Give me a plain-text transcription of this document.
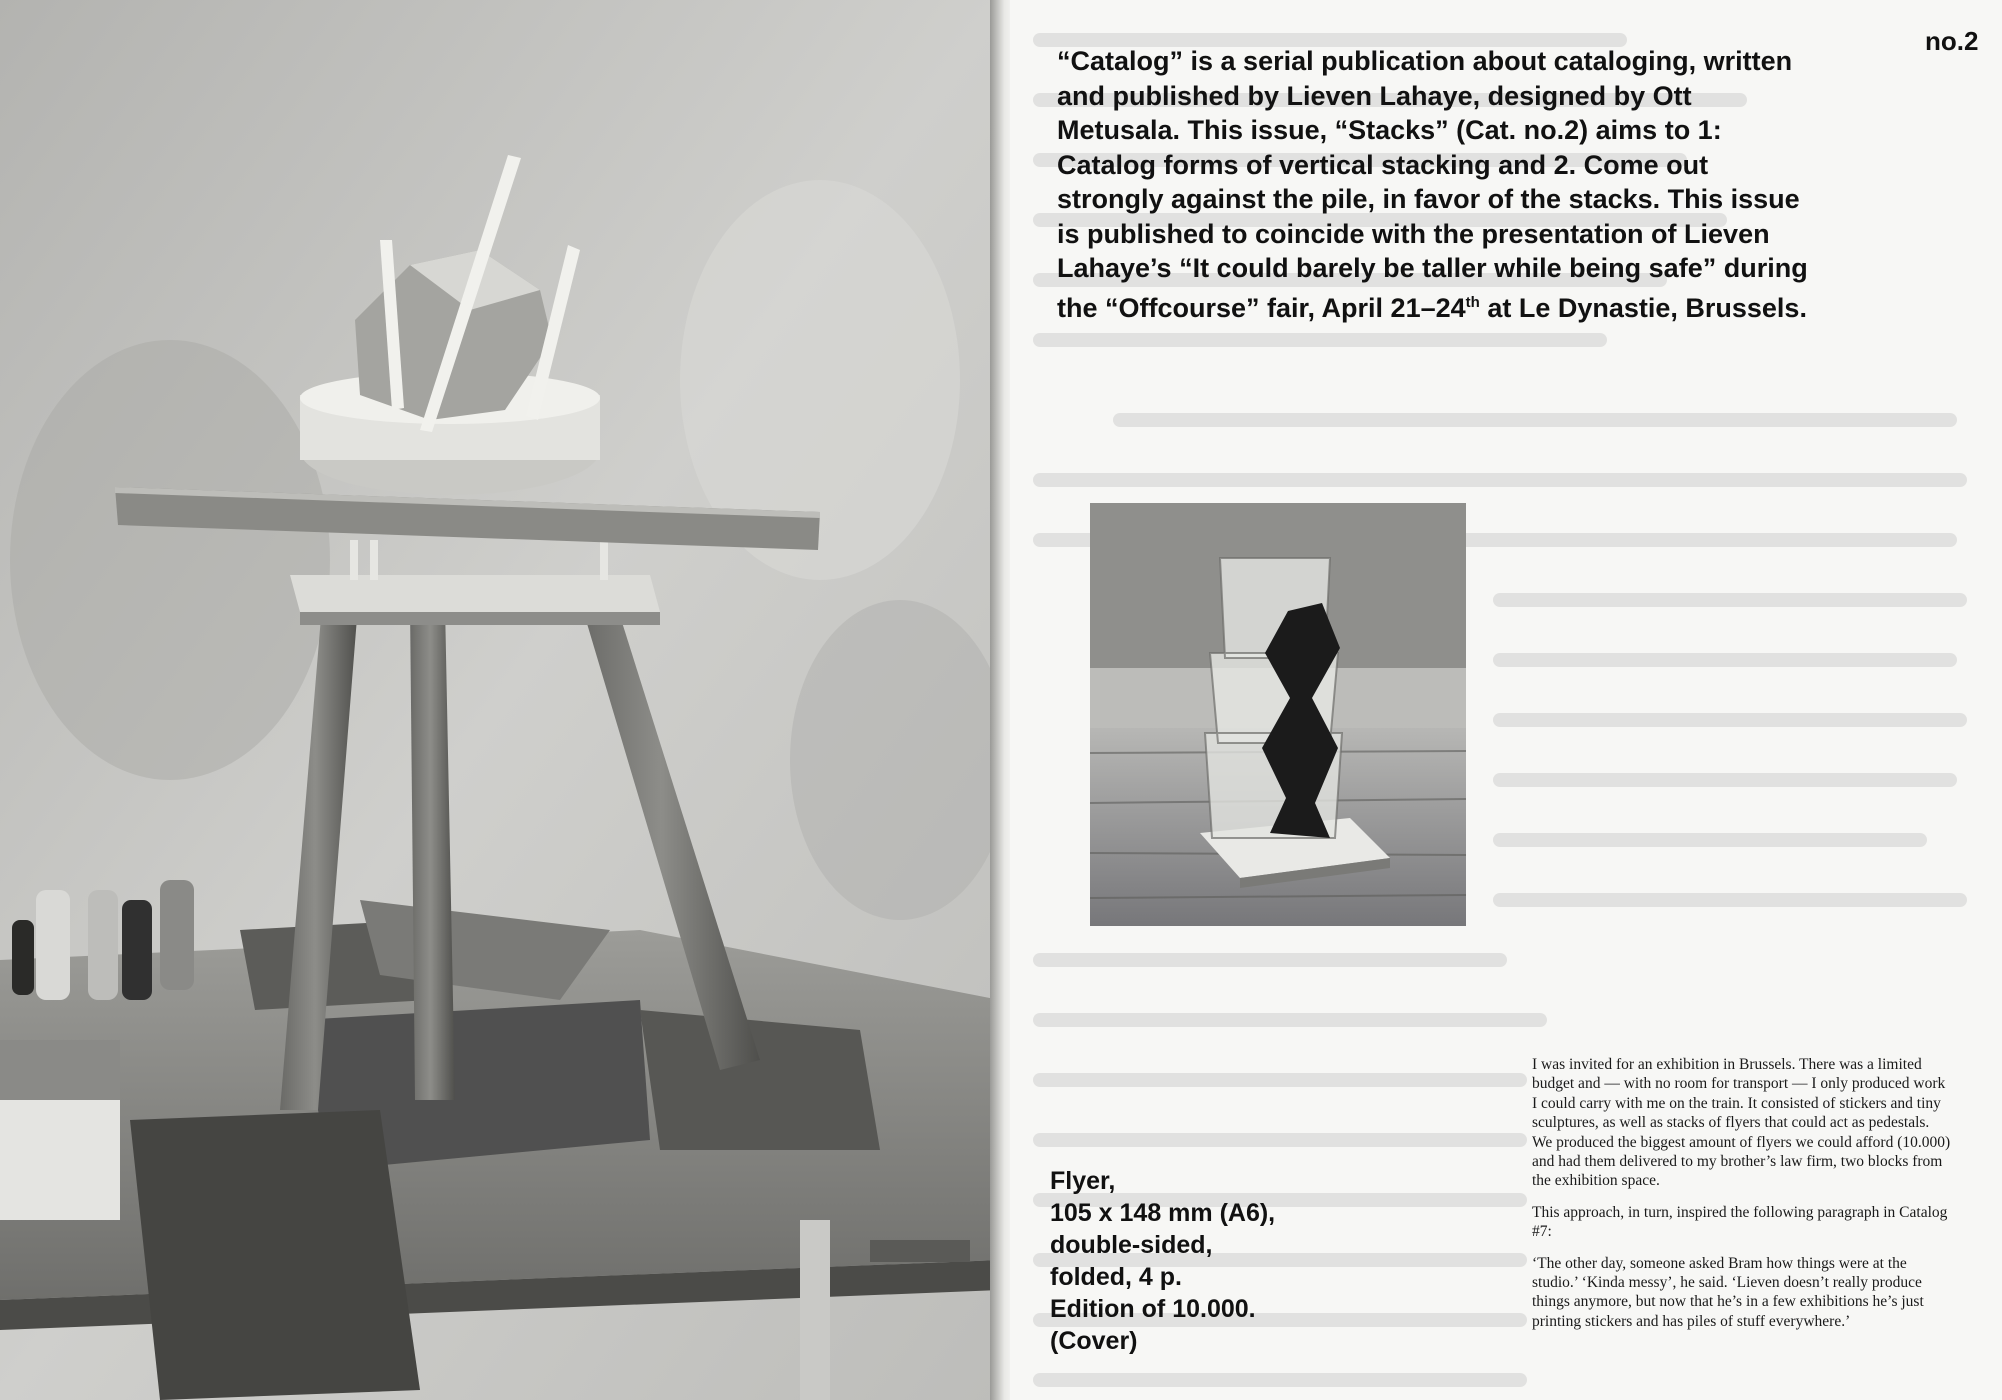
no.2

“Catalog” is a serial publication about cataloging, written and published by Lieven Lahaye, designed by Ott Metusala. This issue, “Stacks” (Cat. no.2) aims to 1: Catalog forms of vertical stacking and 2. Come out strongly against the pile, in favor of the stacks. This issue is published to coincide with the presentation of Lieven Lahaye’s “It could barely be taller while being safe” during the “Offcourse” fair, April 21–24th at Le Dynastie, Brussels.

Flyer,
105 x 148 mm (A6),
double-sided,
folded, 4 p.
Edition of 10.000.
(Cover)

I was invited for an exhibition in Brussels. There was a limited budget and — with no room for transport — I only produced work I could carry with me on the train. It consisted of stickers and tiny sculptures, as well as stacks of flyers that could act as pedestals. We produced the biggest amount of flyers we could afford (10.000) and had them delivered to my brother’s law firm, two blocks from the exhibition space.

This approach, in turn, inspired the following paragraph in Catalog #7:

‘The other day, someone asked Bram how things were at the studio.’ ‘Kinda messy’, he said. ‘Lieven doesn’t really produce things anymore, but now that he’s in a few exhibitions he’s just printing stickers and has piles of stuff everywhere.’
